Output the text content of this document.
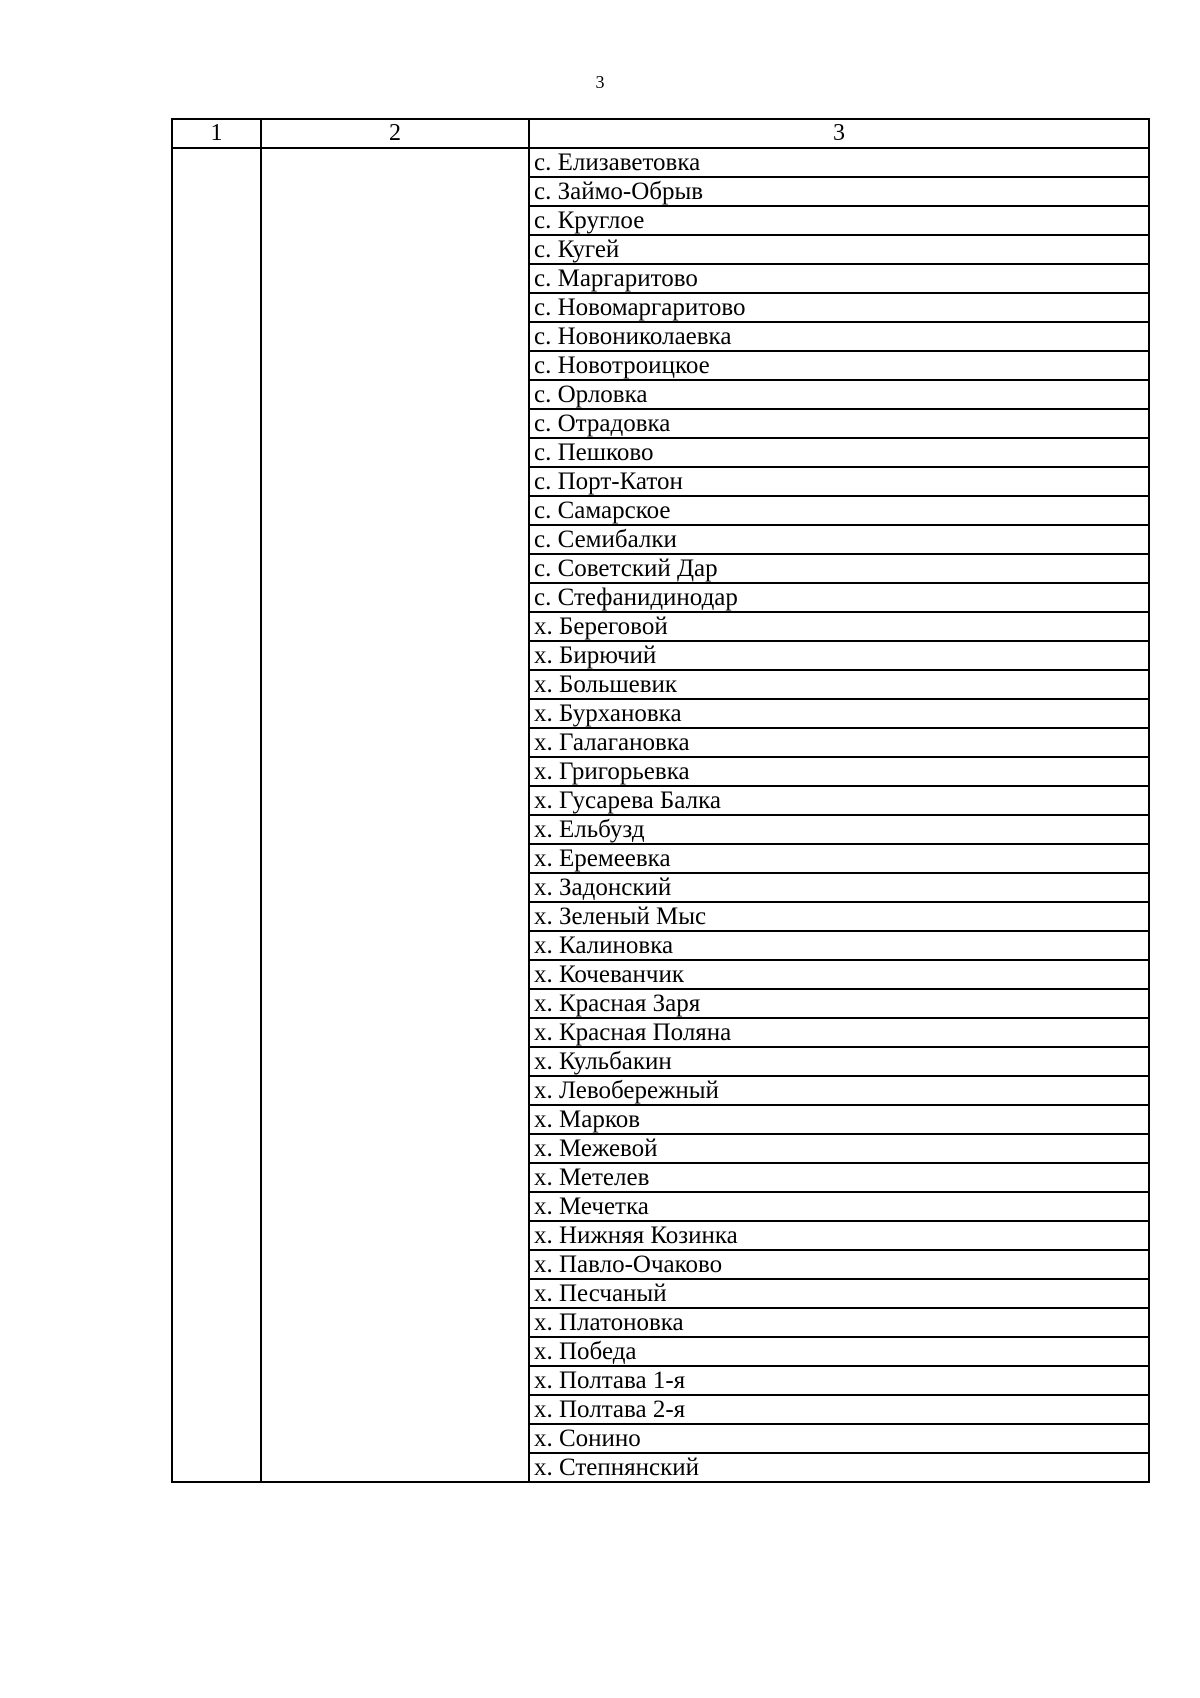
3
1	2	3
		с. Елизаветовка
		с. Займо-Обрыв
		с. Круглое
		с. Кугей
		с. Маргаритово
		с. Новомаргаритово
		с. Новониколаевка
		с. Новотроицкое
		с. Орловка
		с. Отрадовка
		с. Пешково
		с. Порт-Катон
		с. Самарское
		с. Семибалки
		с. Советский Дар
		с. Стефанидинодар
		х. Береговой
		х. Бирючий
		х. Большевик
		х. Бурхановка
		х. Галагановка
		х. Григорьевка
		х. Гусарева Балка
		х. Ельбузд
		х. Еремеевка
		х. Задонский
		х. Зеленый Мыс
		х. Калиновка
		х. Кочеванчик
		х. Красная Заря
		х. Красная Поляна
		х. Кульбакин
		х. Левобережный
		х. Марков
		х. Межевой
		х. Метелев
		х. Мечетка
		х. Нижняя Козинка
		х. Павло-Очаково
		х. Песчаный
		х. Платоновка
		х. Победа
		х. Полтава 1-я
		х. Полтава 2-я
		х. Сонино
		х. Степнянский
